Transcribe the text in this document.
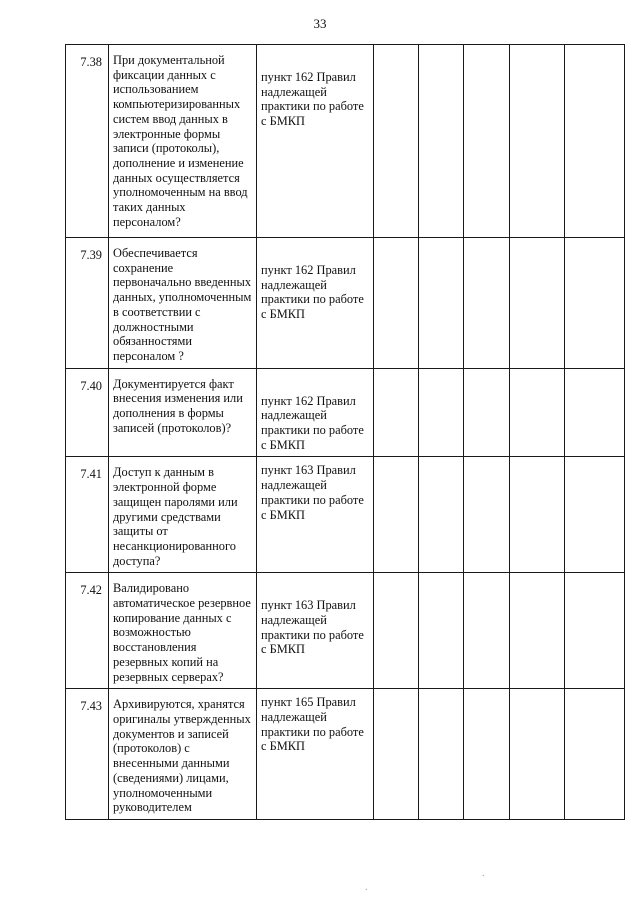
33
7.38	При документальной фиксации данных с использованием компьютеризированных систем ввод данных в электронные формы записи (протоколы), дополнение и изменение данных осуществляется уполномоченным на ввод таких данных персоналом?	пункт 162 Правил надлежащей практики по работе с БМКП					

7.39	Обеспечивается сохранение первоначально введенных данных, уполномоченным в соответствии с должностными обязанностями персоналом ?	пункт 162 Правил надлежащей практики по работе с БМКП					

7.40	Документируется факт внесения изменения или дополнения в формы записей (протоколов)?	пункт 162 Правил надлежащей практики по работе с БМКП					

7.41	Доступ к данным в электронной форме защищен паролями или другими средствами защиты от несанкционированного доступа?	пункт 163 Правил надлежащей практики по работе с БМКП					

7.42	Валидировано автоматическое резервное копирование данных с возможностью восстановления резервных копий на резервных серверах?	пункт 163 Правил надлежащей практики по работе с БМКП					

7.43	Архивируются, хранятся оригиналы утвержденных документов и записей (протоколов) с внесенными данными (сведениями) лицами, уполномоченными руководителем	пункт 165 Правил надлежащей практики по работе с БМКП					

.
.
